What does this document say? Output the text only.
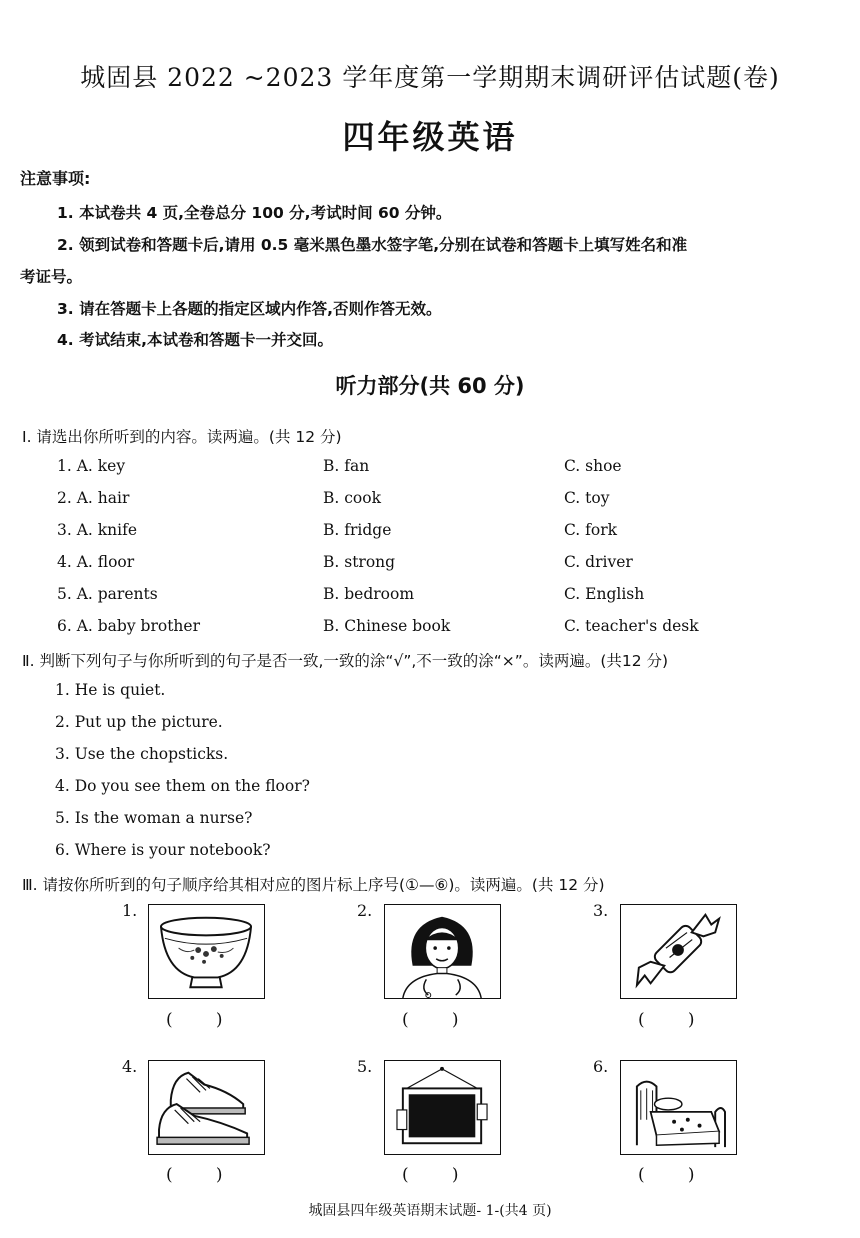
城固县 2022 ~2023 学年度第一学期期末调研评估试题(卷)
四年级英语
注意事项:
1. 本试卷共 4 页,全卷总分 100 分,考试时间 60 分钟。
2. 领到试卷和答题卡后,请用 0.5 毫米黑色墨水签字笔,分别在试卷和答题卡上填写姓名和准
考证号。
3. 请在答题卡上各题的指定区域内作答,否则作答无效。
4. 考试结束,本试卷和答题卡一并交回。
听力部分(共 60 分)
Ⅰ. 请选出你所听到的内容。读两遍。(共 12 分)
1. A. key	B. fan	C. shoe
2. A. hair	B. cook	C. toy
3. A. knife	B. fridge	C. fork
4. A. floor	B. strong	C. driver
5. A. parents	B. bedroom	C. English
6. A. baby brother	B. Chinese book	C. teacher's desk
Ⅱ. 判断下列句子与你所听到的句子是否一致,一致的涂“√”,不一致的涂“×”。读两遍。(共12 分)
1. He is quiet.
2. Put up the picture.
3. Use the chopsticks.
4. Do you see them on the floor?
5. Is the woman a nurse?
6. Where is your notebook?
Ⅲ. 请按你所听到的句子顺序给其相对应的图片标上序号(①—⑥)。读两遍。(共 12 分)
1.
(        )
2.
(        )
3.
(        )
4.
(        )
5.
(        )
6.
(        )
城固县四年级英语期末试题- 1-(共4 页)
